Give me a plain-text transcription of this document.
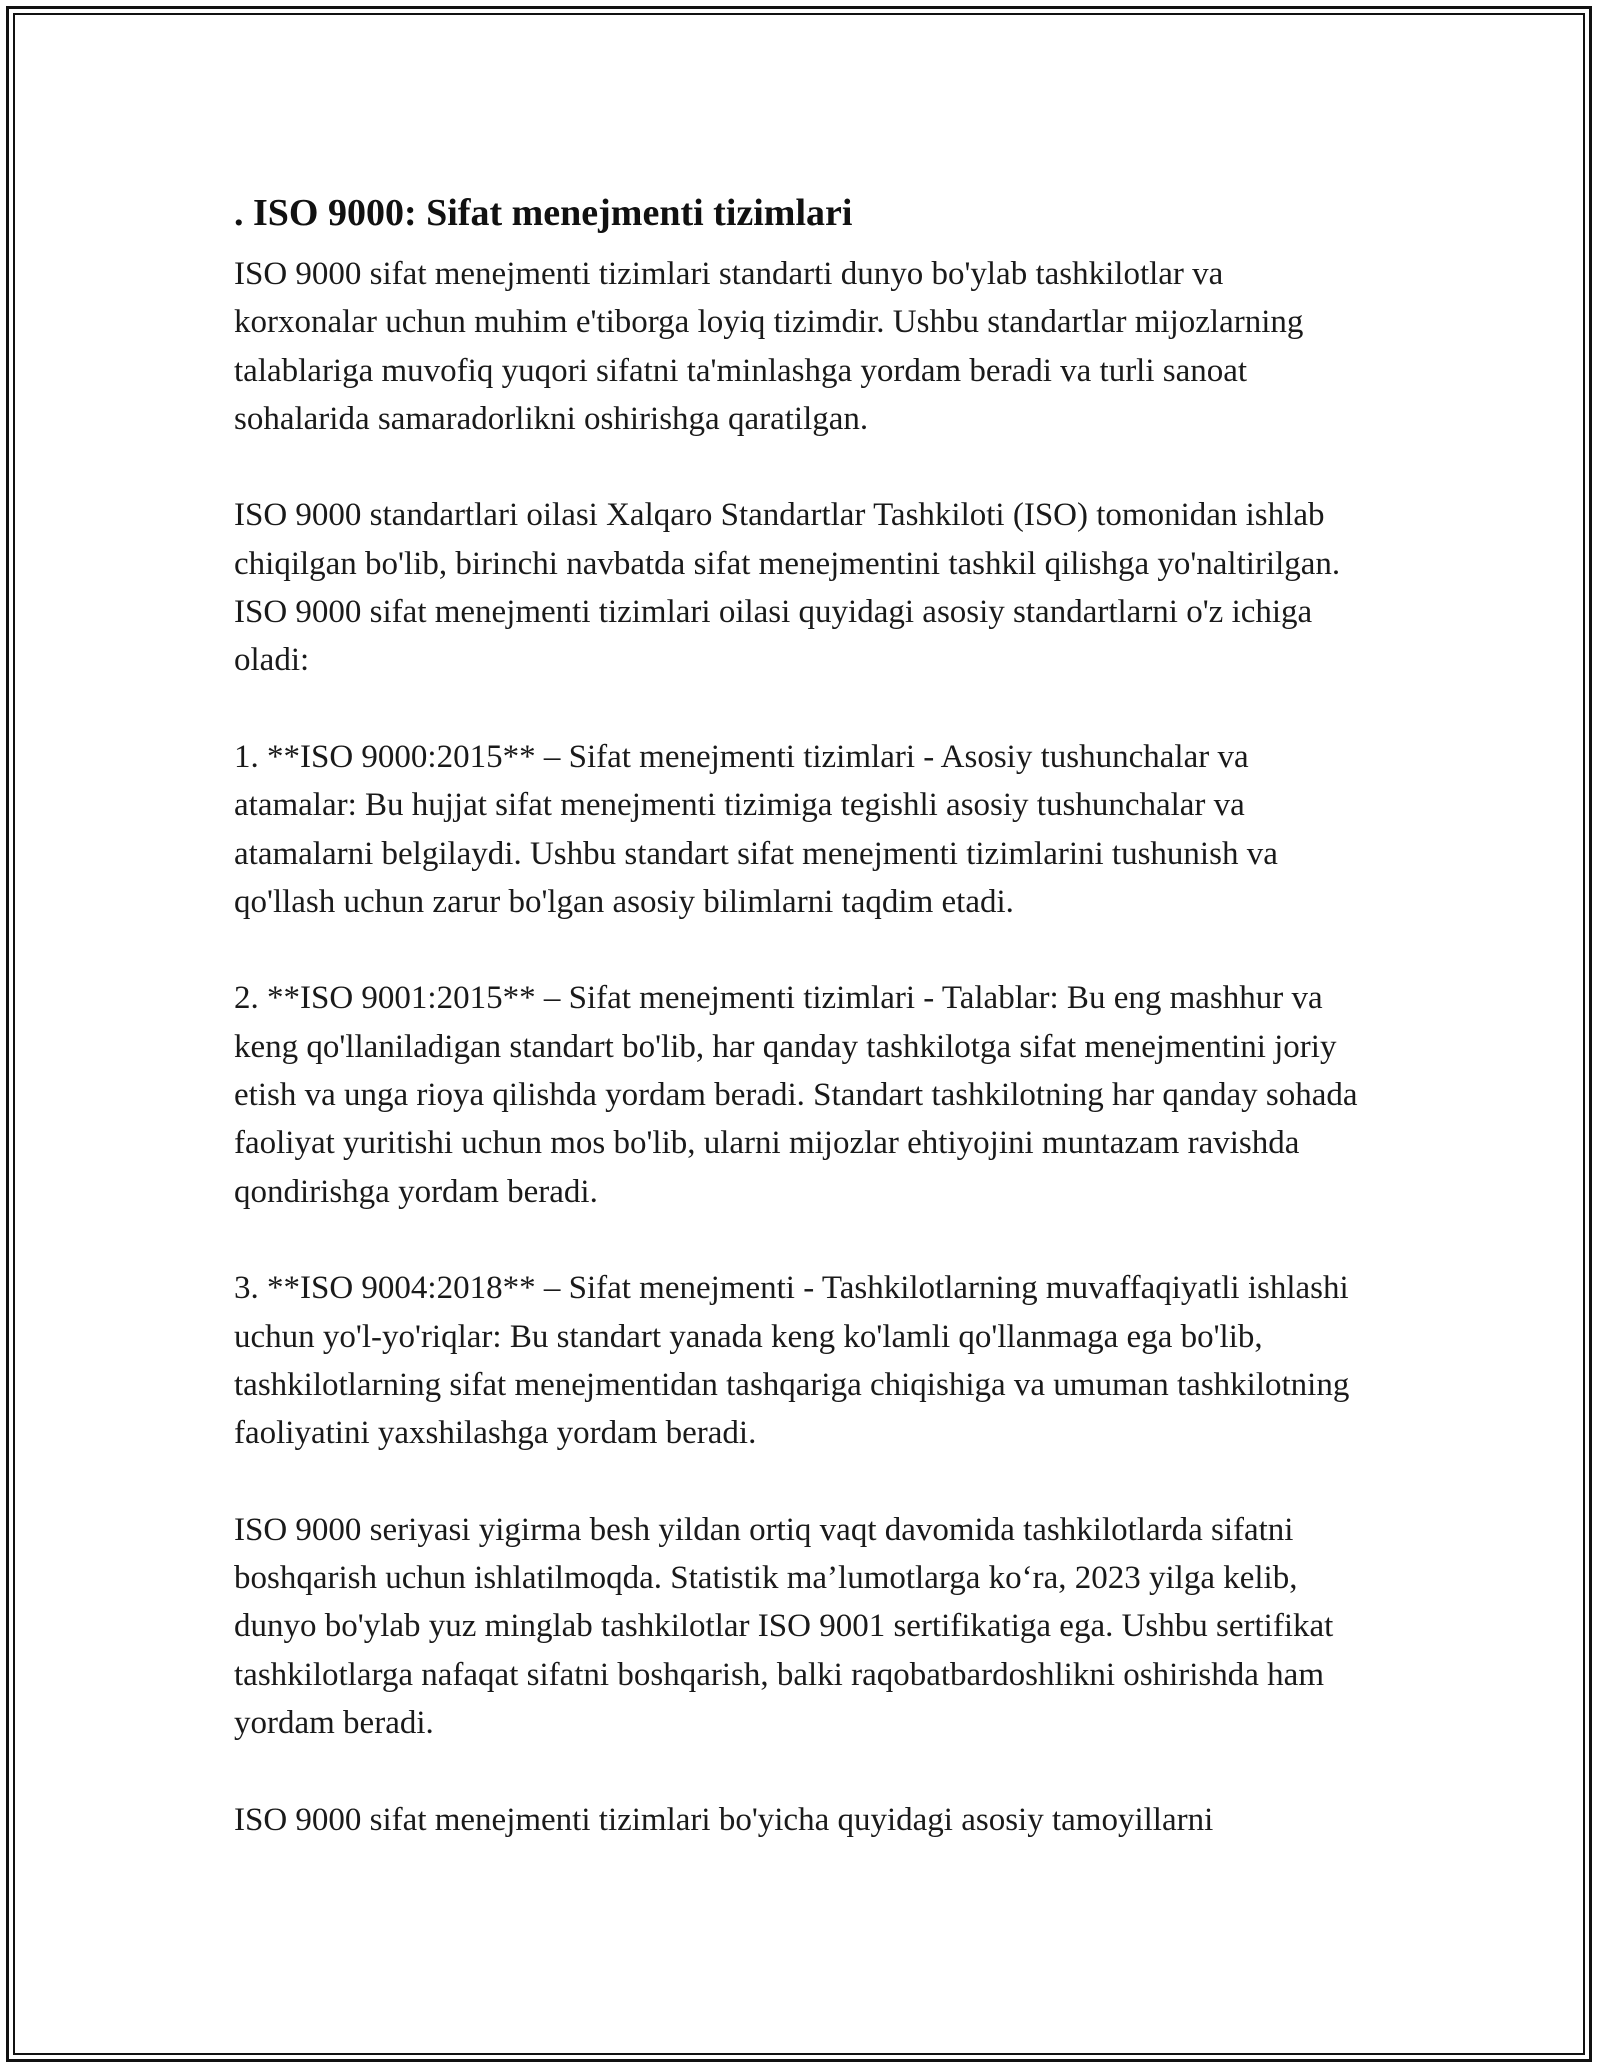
. ISO 9000: Sifat menejmenti tizimlari

ISO 9000 sifat menejmenti tizimlari standarti dunyo bo'ylab tashkilotlar va korxonalar uchun muhim e'tiborga loyiq tizimdir. Ushbu standartlar mijozlarning talablariga muvofiq yuqori sifatni ta'minlashga yordam beradi va turli sanoat sohalarida samaradorlikni oshirishga qaratilgan.

ISO 9000 standartlari oilasi Xalqaro Standartlar Tashkiloti (ISO) tomonidan ishlab chiqilgan bo'lib, birinchi navbatda sifat menejmentini tashkil qilishga yo'naltirilgan. ISO 9000 sifat menejmenti tizimlari oilasi quyidagi asosiy standartlarni o'z ichiga oladi:

1. **ISO 9000:2015** – Sifat menejmenti tizimlari - Asosiy tushunchalar va atamalar: Bu hujjat sifat menejmenti tizimiga tegishli asosiy tushunchalar va atamalarni belgilaydi. Ushbu standart sifat menejmenti tizimlarini tushunish va qo'llash uchun zarur bo'lgan asosiy bilimlarni taqdim etadi.

2. **ISO 9001:2015** – Sifat menejmenti tizimlari - Talablar: Bu eng mashhur va keng qo'llaniladigan standart bo'lib, har qanday tashkilotga sifat menejmentini joriy etish va unga rioya qilishda yordam beradi. Standart tashkilotning har qanday sohada faoliyat yuritishi uchun mos bo'lib, ularni mijozlar ehtiyojini muntazam ravishda qondirishga yordam beradi.

3. **ISO 9004:2018** – Sifat menejmenti - Tashkilotlarning muvaffaqiyatli ishlashi uchun yo'l-yo'riqlar: Bu standart yanada keng ko'lamli qo'llanmaga ega bo'lib, tashkilotlarning sifat menejmentidan tashqariga chiqishiga va umuman tashkilotning faoliyatini yaxshilashga yordam beradi.

ISO 9000 seriyasi yigirma besh yildan ortiq vaqt davomida tashkilotlarda sifatni boshqarish uchun ishlatilmoqda. Statistik ma’lumotlarga ko‘ra, 2023 yilga kelib, dunyo bo'ylab yuz minglab tashkilotlar ISO 9001 sertifikatiga ega. Ushbu sertifikat tashkilotlarga nafaqat sifatni boshqarish, balki raqobatbardoshlikni oshirishda ham yordam beradi.

ISO 9000 sifat menejmenti tizimlari bo'yicha quyidagi asosiy tamoyillarni
